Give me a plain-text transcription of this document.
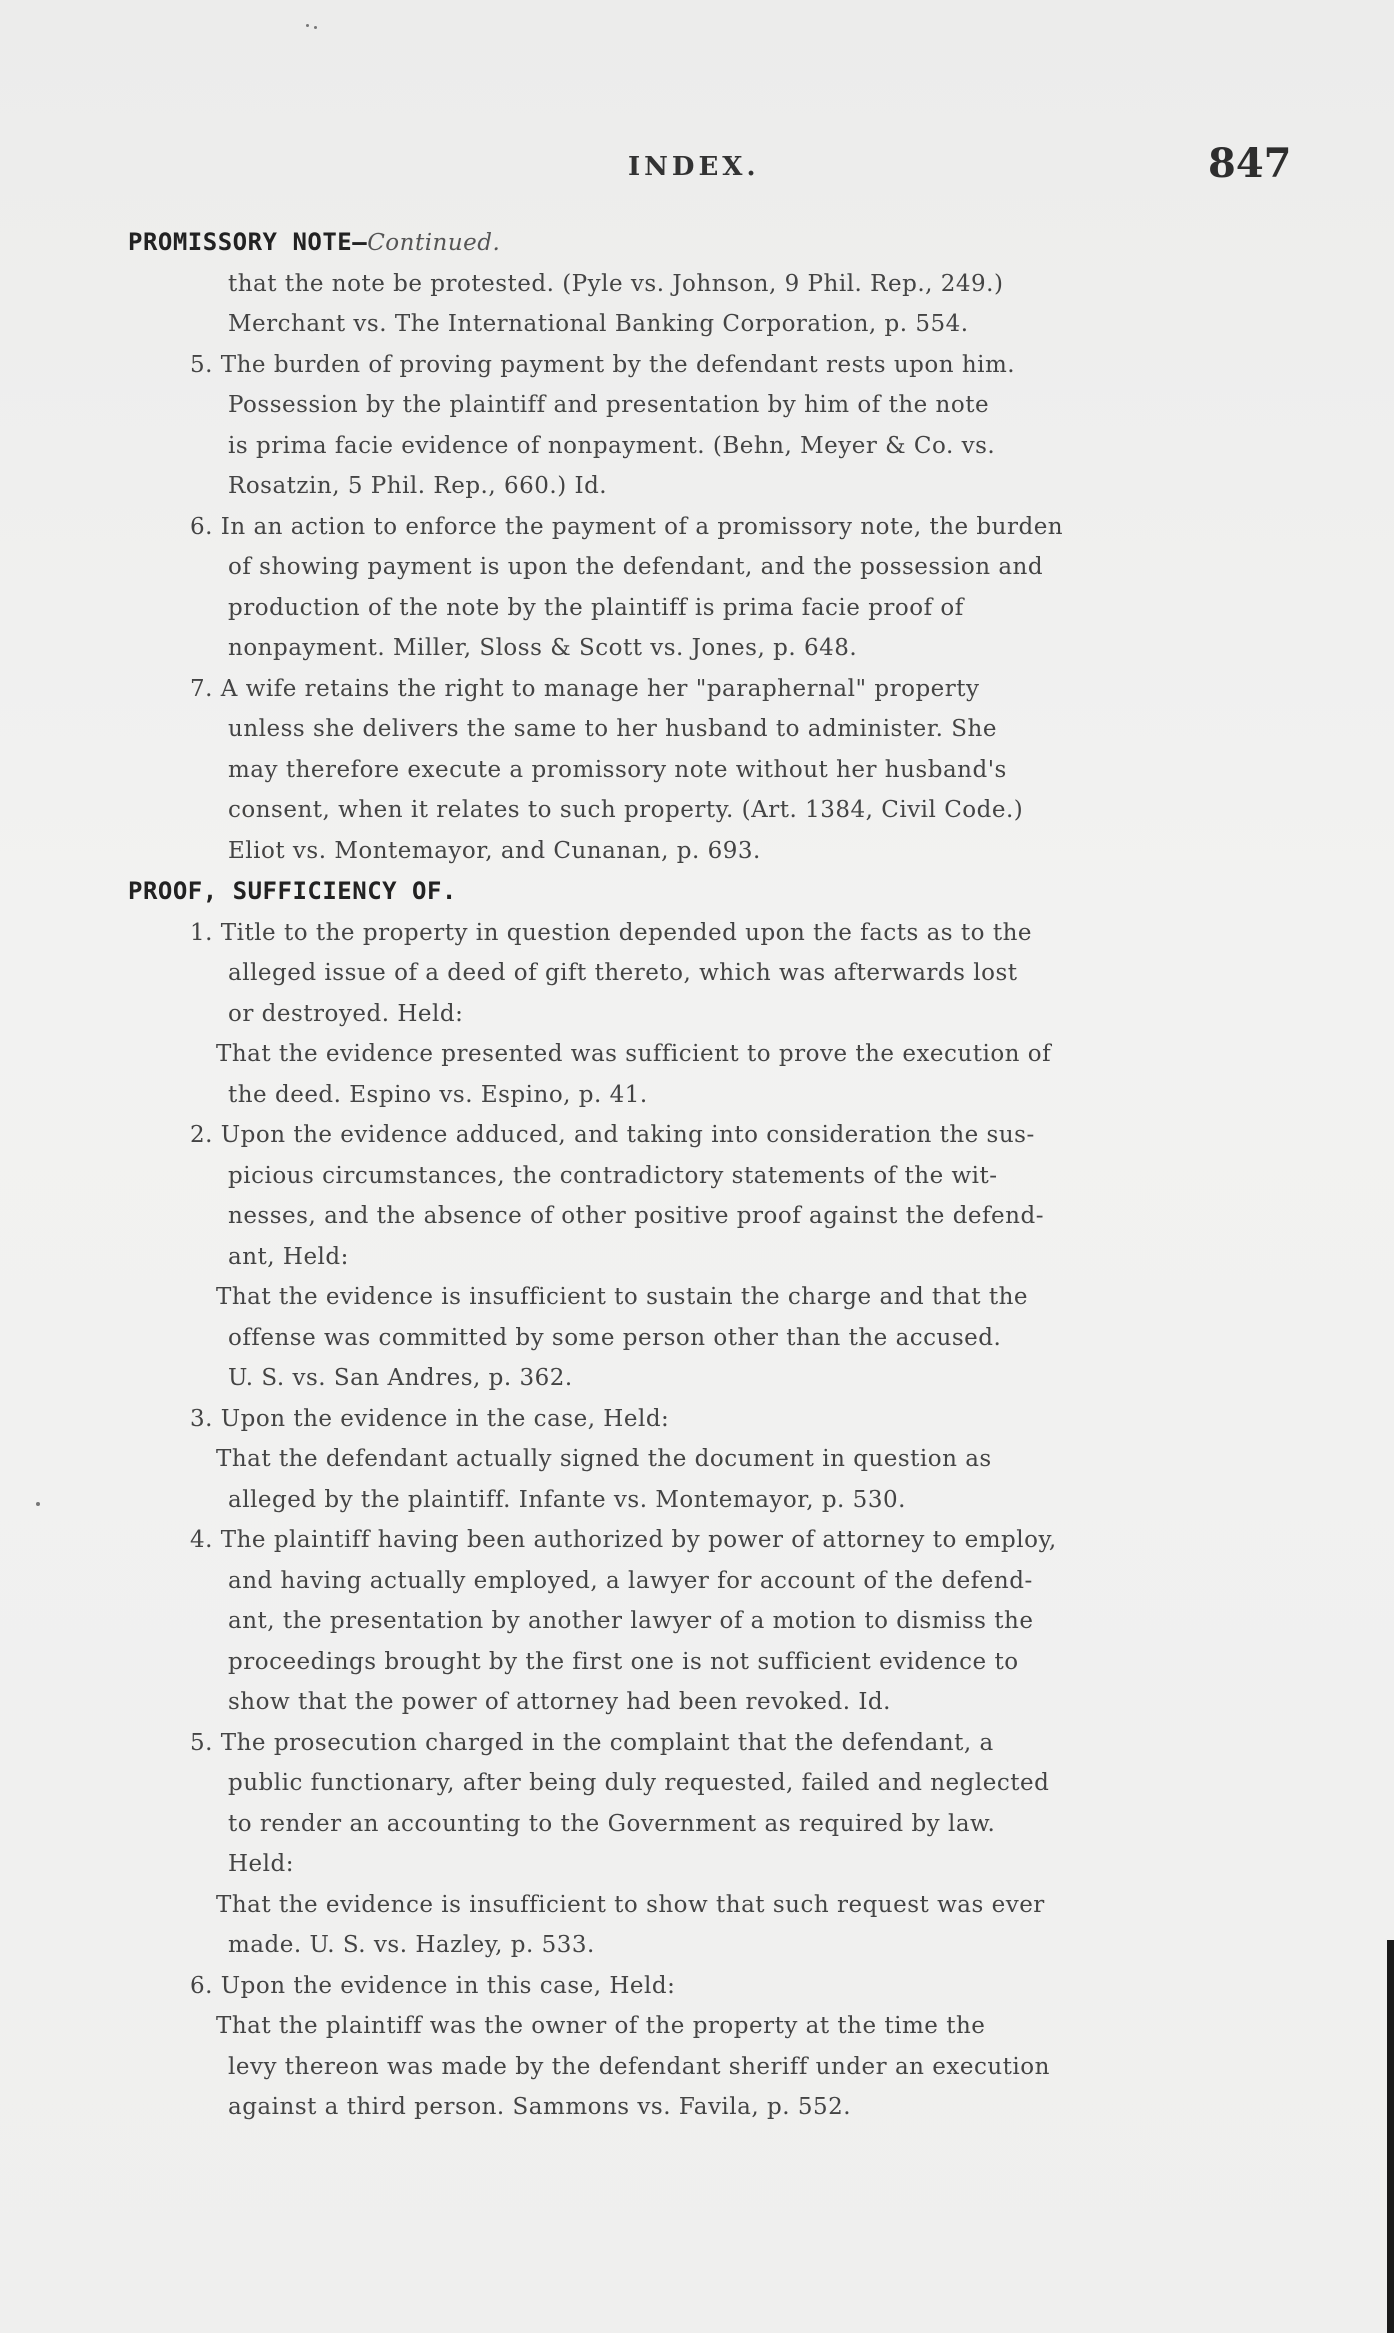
INDEX.	847
PROMISSORY NOTE—Continued.
that the note be protested. (Pyle vs. Johnson, 9 Phil. Rep., 249.)
Merchant vs. The International Banking Corporation, p. 554.
5. The burden of proving payment by the defendant rests upon him.
Possession by the plaintiff and presentation by him of the note
is prima facie evidence of nonpayment. (Behn, Meyer & Co. vs.
Rosatzin, 5 Phil. Rep., 660.) Id.
6. In an action to enforce the payment of a promissory note, the burden
of showing payment is upon the defendant, and the possession and
production of the note by the plaintiff is prima facie proof of
nonpayment. Miller, Sloss & Scott vs. Jones, p. 648.
7. A wife retains the right to manage her "paraphernal" property
unless she delivers the same to her husband to administer. She
may therefore execute a promissory note without her husband's
consent, when it relates to such property. (Art. 1384, Civil Code.)
Eliot vs. Montemayor, and Cunanan, p. 693.
PROOF, SUFFICIENCY OF.
1. Title to the property in question depended upon the facts as to the
alleged issue of a deed of gift thereto, which was afterwards lost
or destroyed. Held:
That the evidence presented was sufficient to prove the execution of
the deed. Espino vs. Espino, p. 41.
2. Upon the evidence adduced, and taking into consideration the sus-
picious circumstances, the contradictory statements of the wit-
nesses, and the absence of other positive proof against the defend-
ant, Held:
That the evidence is insufficient to sustain the charge and that the
offense was committed by some person other than the accused.
U. S. vs. San Andres, p. 362.
3. Upon the evidence in the case, Held:
That the defendant actually signed the document in question as
alleged by the plaintiff. Infante vs. Montemayor, p. 530.
4. The plaintiff having been authorized by power of attorney to employ,
and having actually employed, a lawyer for account of the defend-
ant, the presentation by another lawyer of a motion to dismiss the
proceedings brought by the first one is not sufficient evidence to
show that the power of attorney had been revoked. Id.
5. The prosecution charged in the complaint that the defendant, a
public functionary, after being duly requested, failed and neglected
to render an accounting to the Government as required by law.
Held:
That the evidence is insufficient to show that such request was ever
made. U. S. vs. Hazley, p. 533.
6. Upon the evidence in this case, Held:
That the plaintiff was the owner of the property at the time the
levy thereon was made by the defendant sheriff under an execution
against a third person. Sammons vs. Favila, p. 552.
